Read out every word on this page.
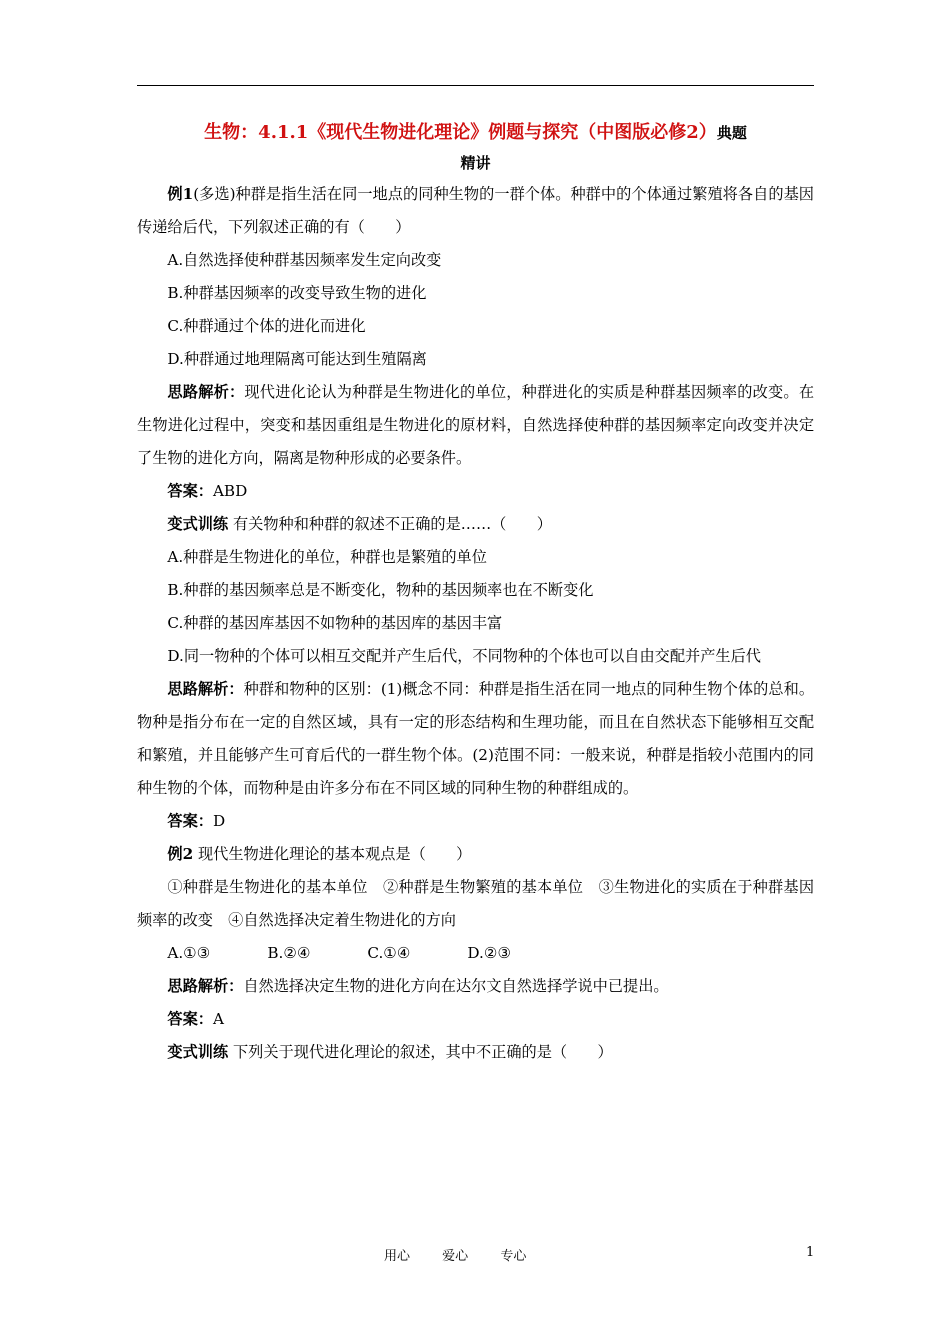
生物：4.1.1《现代生物进化理论》例题与探究（中图版必修2）典题
精讲

例1(多选)种群是指生活在同一地点的同种生物的一群个体。种群中的个体通过繁殖将各自的基因传递给后代，下列叙述正确的有（　　）

A.自然选择使种群基因频率发生定向改变

B.种群基因频率的改变导致生物的进化

C.种群通过个体的进化而进化

D.种群通过地理隔离可能达到生殖隔离

思路解析：现代进化论认为种群是生物进化的单位，种群进化的实质是种群基因频率的改变。在生物进化过程中，突变和基因重组是生物进化的原材料，自然选择使种群的基因频率定向改变并决定了生物的进化方向，隔离是物种形成的必要条件。

答案：ABD

变式训练 有关物种和种群的叙述不正确的是……（　　）

A.种群是生物进化的单位，种群也是繁殖的单位

B.种群的基因频率总是不断变化，物种的基因频率也在不断变化

C.种群的基因库基因不如物种的基因库的基因丰富

D.同一物种的个体可以相互交配并产生后代，不同物种的个体也可以自由交配并产生后代

思路解析：种群和物种的区别：(1)概念不同：种群是指生活在同一地点的同种生物个体的总和。物种是指分布在一定的自然区域，具有一定的形态结构和生理功能，而且在自然状态下能够相互交配和繁殖，并且能够产生可育后代的一群生物个体。(2)范围不同：一般来说，种群是指较小范围内的同种生物的个体，而物种是由许多分布在不同区域的同种生物的种群组成的。

答案：D

例2 现代生物进化理论的基本观点是（　　）

①种群是生物进化的基本单位　②种群是生物繁殖的基本单位　③生物进化的实质在于种群基因频率的改变　④自然选择决定着生物进化的方向

A.①③	B.②④	C.①④	D.②③

思路解析：自然选择决定生物的进化方向在达尔文自然选择学说中已提出。

答案：A

变式训练 下列关于现代进化理论的叙述，其中不正确的是（　　）

用心 爱心 专心	1
